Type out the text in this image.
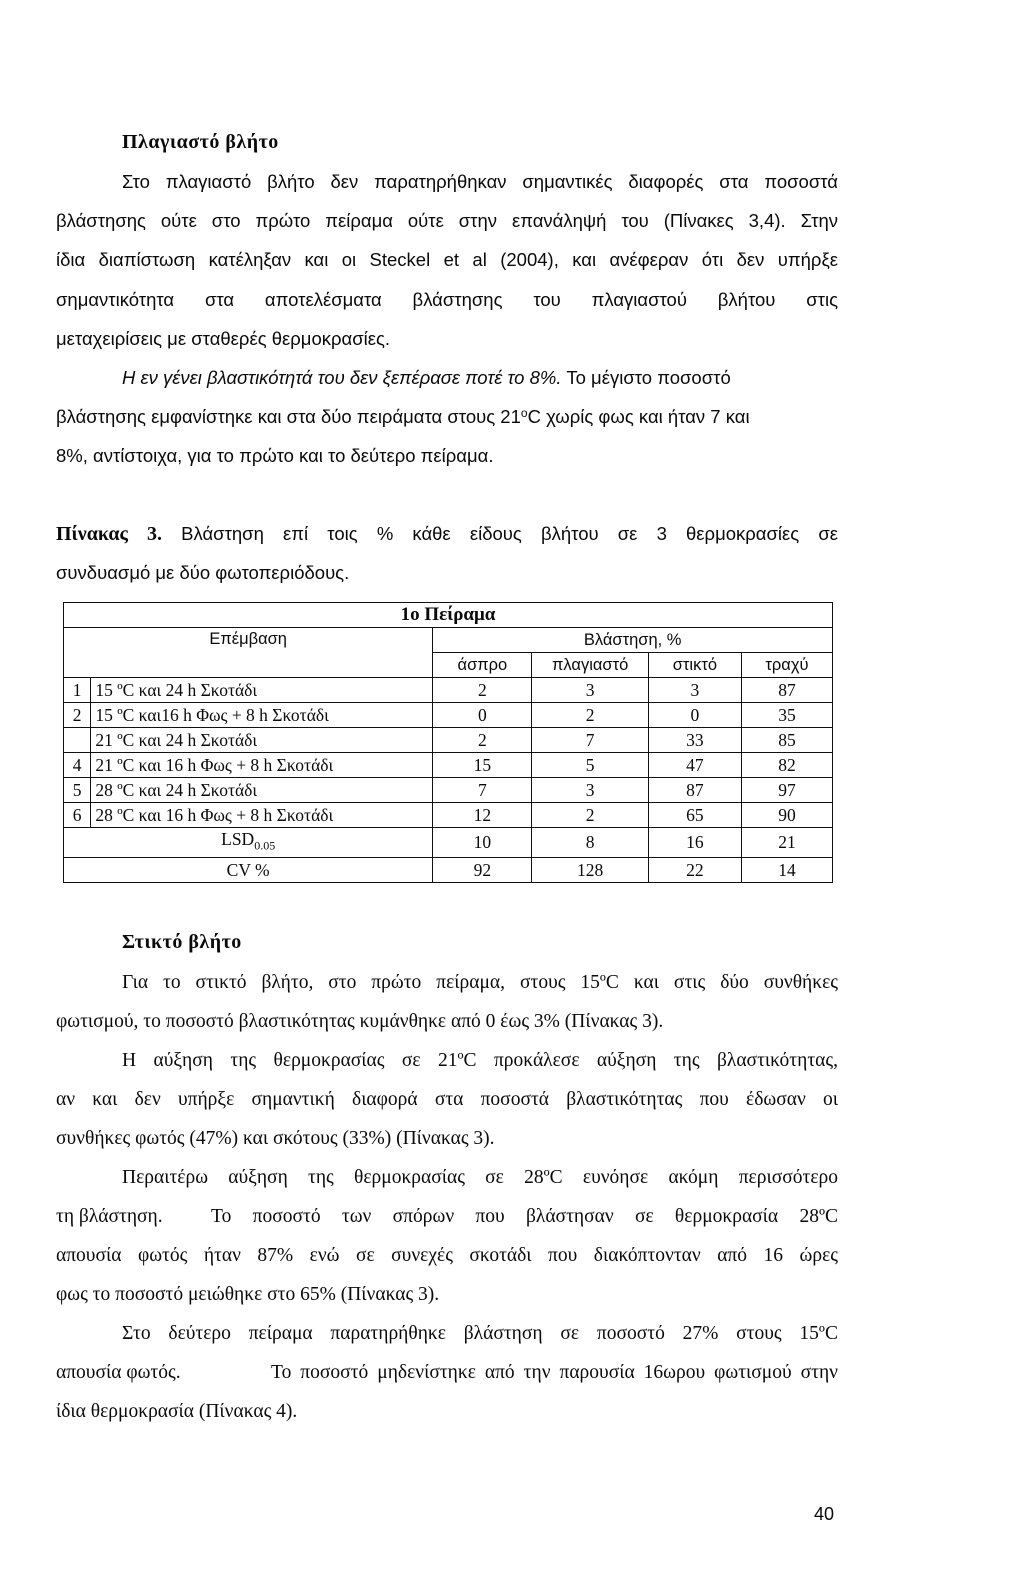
Πλαγιαστό βλήτο
Στο πλαγιαστό βλήτο δεν παρατηρήθηκαν σημαντικές διαφορές στα ποσοστά
βλάστησης ούτε στο πρώτο πείραμα ούτε στην επανάληψή του (Πίνακες 3,4). Στην
ίδια διαπίστωση κατέληξαν και οι Steckel et al (2004), και ανέφεραν ότι δεν υπήρξε
σημαντικότητα στα αποτελέσματα βλάστησης του πλαγιαστού βλήτου στις
μεταχειρίσεις με σταθερές θερμοκρασίες.
Η εν γένει βλαστικότητά του δεν ξεπέρασε ποτέ το 8%. Το μέγιστο ποσοστό
βλάστησης εμφανίστηκε και στα δύο πειράματα στους $21^oC$ χωρίς φως και ήταν 7 και
8%, αντίστοιχα, για το πρώτο και το δεύτερο πείραμα.
Πίνακας 3. Βλάστηση επί τοις % κάθε είδους βλήτου σε 3 θερμοκρασίες σε
συνδυασμό με δύο φωτοπεριόδους.
1ο Πείραμα					
Επέμβαση		Βλάστηση, %			
		άσπρο	πλαγιαστό	στικτό	τραχύ
1	15 ºC και 24 h Σκοτάδι	2	3	3	87
2	15 ºC και16 h Φως + 8 h Σκοτάδι	0	2	0	35
	21 ºC και 24 h Σκοτάδι	2	7	33	85
4	21 ºC και 16 h Φως + 8 h Σκοτάδι	15	5	47	82
5	28 ºC και 24 h Σκοτάδι	7	3	87	97
6	28 ºC και 16 h Φως + 8 h Σκοτάδι	12	2	65	90
$LSD_{0.05}$		10	8	16	21
CV %		92	128	22	14
Στικτό βλήτο
Για το στικτό βλήτο, στο πρώτο πείραμα, στους 15ºC και στις δύο συνθήκες
φωτισμού, το ποσοστό βλαστικότητας κυμάνθηκε από 0 έως 3% (Πίνακας 3).
Η αύξηση της θερμοκρασίας σε 21ºC προκάλεσε αύξηση της βλαστικότητας,
αν και δεν υπήρξε σημαντική διαφορά στα ποσοστά βλαστικότητας που έδωσαν οι
συνθήκες φωτός (47%) και σκότους (33%) (Πίνακας 3).
Περαιτέρω αύξηση της θερμοκρασίας σε 28ºC ευνόησε ακόμη περισσότερο
τη βλάστηση. Το ποσοστό των σπόρων που βλάστησαν σε θερμοκρασία 28ºC
απουσία φωτός ήταν 87% ενώ σε συνεχές σκοτάδι που διακόπτονταν από 16 ώρες
φως το ποσοστό μειώθηκε στο 65% (Πίνακας 3).
Στο δεύτερο πείραμα παρατηρήθηκε βλάστηση σε ποσοστό 27% στους 15ºC
απουσία φωτός.	Το ποσοστό μηδενίστηκε από την παρουσία 16ωρου φωτισμού στην
ίδια θερμοκρασία (Πίνακας 4).
40
